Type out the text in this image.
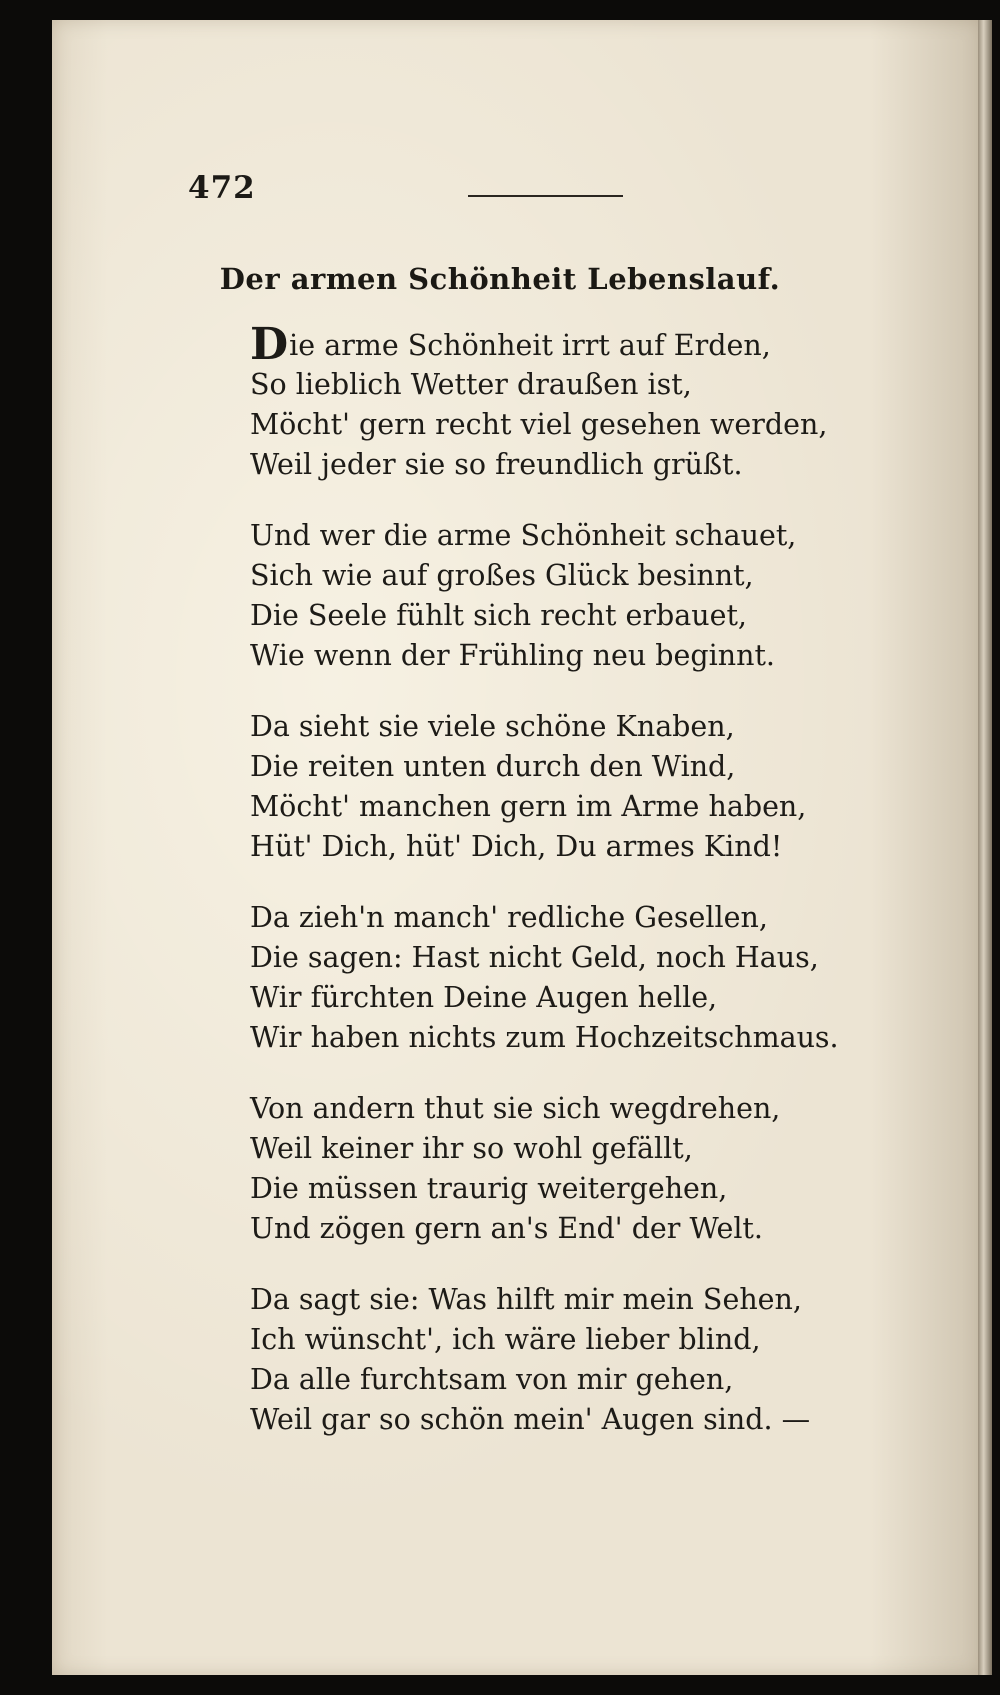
472
Der armen Schönheit Lebenslauf.
Die arme Schönheit irrt auf Erden,
So lieblich Wetter draußen ist,
Möcht' gern recht viel gesehen werden,
Weil jeder sie so freundlich grüßt.
Und wer die arme Schönheit schauet,
Sich wie auf großes Glück besinnt,
Die Seele fühlt sich recht erbauet,
Wie wenn der Frühling neu beginnt.
Da sieht sie viele schöne Knaben,
Die reiten unten durch den Wind,
Möcht' manchen gern im Arme haben,
Hüt' Dich, hüt' Dich, Du armes Kind!
Da zieh'n manch' redliche Gesellen,
Die sagen: Hast nicht Geld, noch Haus,
Wir fürchten Deine Augen helle,
Wir haben nichts zum Hochzeitschmaus.
Von andern thut sie sich wegdrehen,
Weil keiner ihr so wohl gefällt,
Die müssen traurig weitergehen,
Und zögen gern an's End' der Welt.
Da sagt sie: Was hilft mir mein Sehen,
Ich wünscht', ich wäre lieber blind,
Da alle furchtsam von mir gehen,
Weil gar so schön mein' Augen sind. —
